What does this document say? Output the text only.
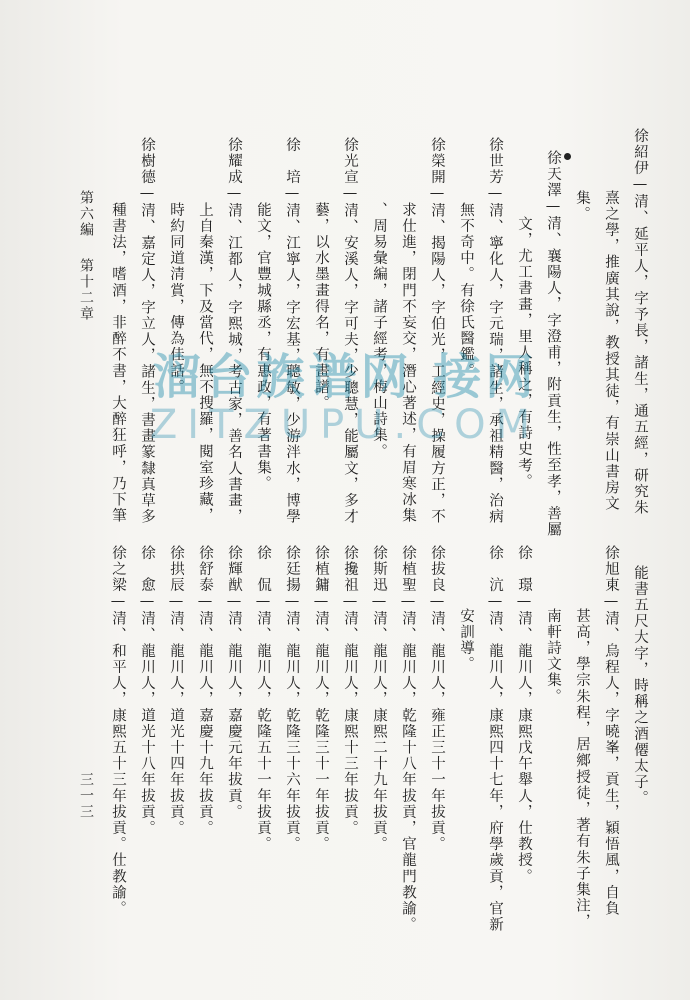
徐紹伊—清、延平人，字予長，諸生，通五經，研究朱
熹之學，推廣其說，教授其徒，有崇山書房文
集。
徐天澤—清、襄陽人，字澄甫，附貢生，性至孝，善屬
文，尤工書畫，里人稱之，有詩史考。
徐世芳—清、寧化人，字元瑞，諸生，承祖精醫，治病
無不奇中。有徐氏醫鑑。
徐榮開—清、揭陽人，字伯光，工經史，操履方正，不
求仕進，閉門不妄交，潛心著述，有眉寒冰集
、周易彙編，諸子經考，梅山詩集。
徐光宣—清、安溪人，字可夫，少聰慧，能屬文，多才
藝，以水墨畫得名，有畫譜。
徐　培—清、江寧人，字宏基，聰敏，少游泮水，博學
能文，官豐城縣丞，有惠政，有著書集。
徐耀成—清、江都人，字熙城，考古家，善名人書畫，
上自秦漢，下及當代，無不搜羅，閱室珍藏，
時約同道清賞，傳為佳話。
徐樹德—清、嘉定人，字立人，諸生，書畫篆隸真草多
種書法，嗜酒，非醉不書，大醉狂呼，乃下筆
能書五尺大字，時稱之酒僊太子。
徐旭東—清、烏程人，字曉峯，貢生，穎悟風，自負
甚高，學宗朱程，居鄉授徒，著有朱子集注，
南軒詩文集。
徐　璟—清、龍川人，康熙戊午舉人，仕教授。
徐　沆—清、龍川人，康熙四十七年，府學歲貢，官新
安訓導。
徐拔良—清、龍川人，雍正三十一年拔貢。
徐植聖—清、龍川人，乾隆十八年拔貢，官龍門教諭。
徐斯迅—清、龍川人，康熙二十九年拔貢。
徐攙祖—清、龍川人，康熙十三年拔貢。
徐植鏞—清、龍川人，乾隆三十一年拔貢。
徐廷揚—清、龍川人，乾隆三十六年拔貢。
徐　侃—清、龍川人，乾隆五十一年拔貢。
徐輝猷—清、龍川人，嘉慶元年拔貢。
徐舒泰—清、龍川人，嘉慶十九年拔貢。
徐拱辰—清、龍川人，道光十四年拔貢。
徐　愈—清、龍川人，道光十八年拔貢。
徐之梁—清、和平人，康熙五十三年拔貢。仕教諭。
第六編
第十二章
三一三
溜台族谱网 接网
ZITZUPU.COM
